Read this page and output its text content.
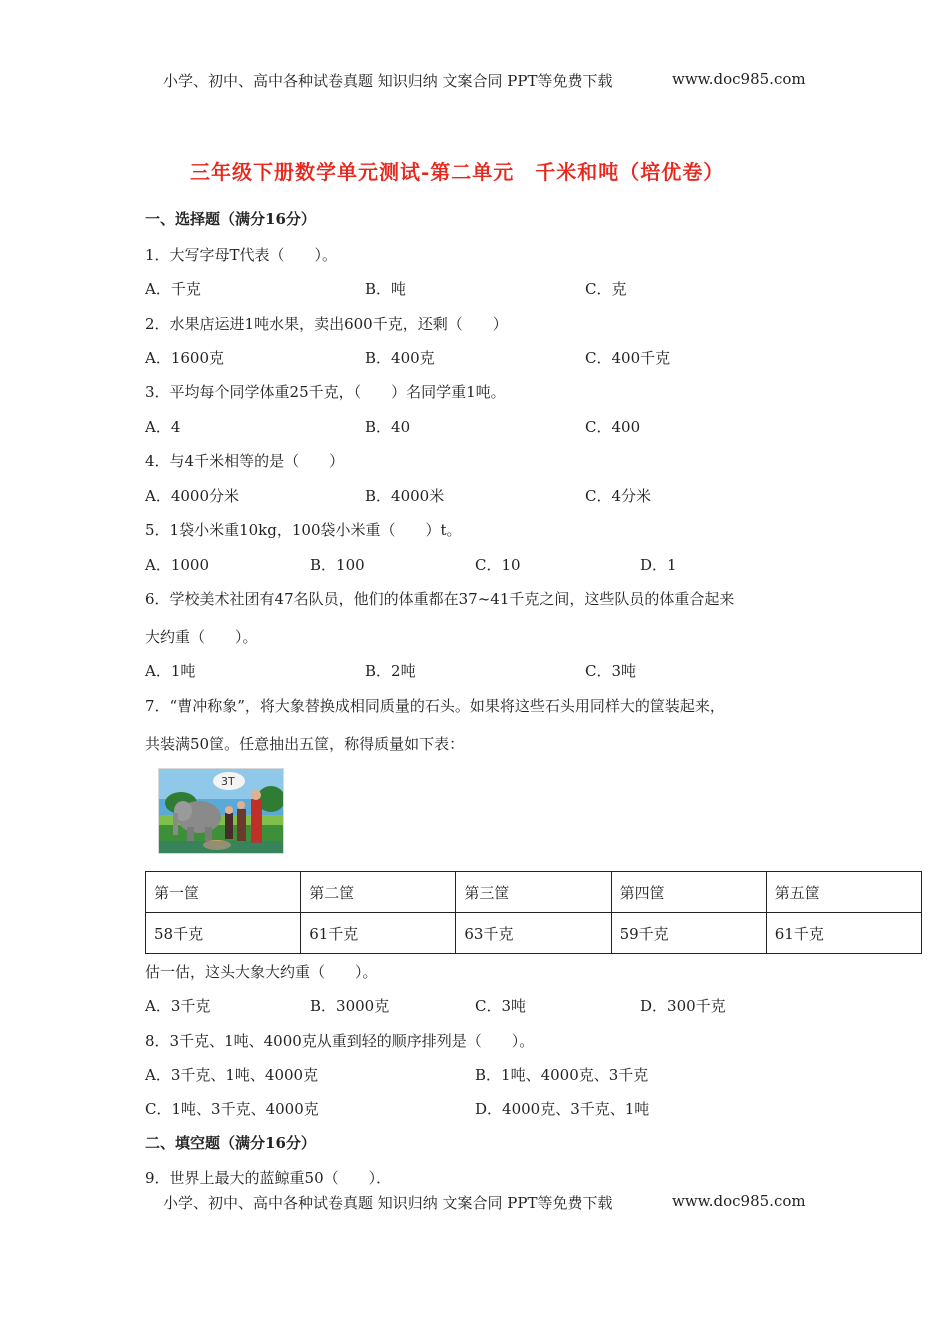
小学、初中、高中各种试卷真题 知识归纳 文案合同 PPT等免费下载	www.doc985.com
三年级下册数学单元测试-第二单元　千米和吨（培优卷）
一、选择题（满分16分）
1．大写字母T代表（　　）。
A．千克	B．吨	C．克
2．水果店运进1吨水果，卖出600千克，还剩（　　）
A．1600克	B．400克	C．400千克
3．平均每个同学体重25千克，（　　）名同学重1吨。
A．4	B．40	C．400
4．与4千米相等的是（　　）
A．4000分米	B．4000米	C．4分米
5．1袋小米重10kg，100袋小米重（　　）t。
A．1000	B．100	C．10	D．1
6．学校美术社团有47名队员，他们的体重都在37~41千克之间，这些队员的体重合起来
大约重（　　）。
A．1吨	B．2吨	C．3吨
7．“曹冲称象”，将大象替换成相同质量的石头。如果将这些石头用同样大的筐装起来，
共装满50筐。任意抽出五筐，称得质量如下表：
3T
第一筐	第二筐	第三筐	第四筐	第五筐
58千克	61千克	63千克	59千克	61千克
估一估，这头大象大约重（　　）。
A．3千克	B．3000克	C．3吨	D．300千克
8．3千克、1吨、4000克从重到轻的顺序排列是（　　）。
A．3千克、1吨、4000克	B．1吨、4000克、3千克
C．1吨、3千克、4000克	D．4000克、3千克、1吨
二、填空题（满分16分）
9．世界上最大的蓝鲸重50（　　）．
小学、初中、高中各种试卷真题 知识归纳 文案合同 PPT等免费下载	www.doc985.com
